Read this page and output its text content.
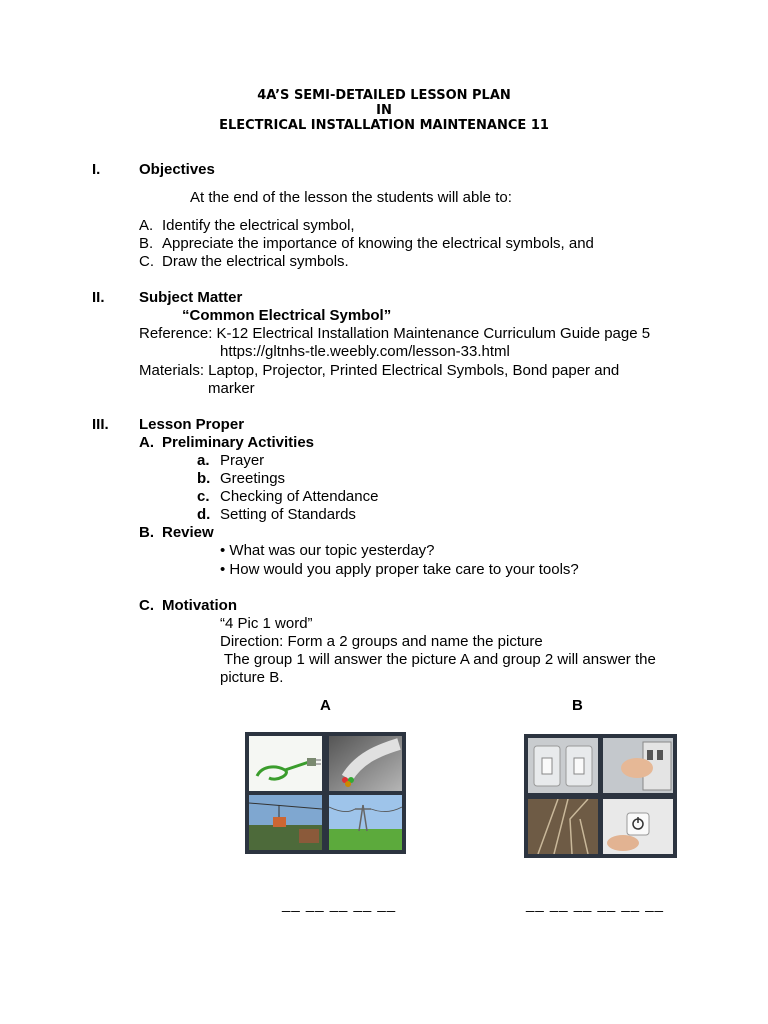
4A’S SEMI-DETAILED LESSON PLAN
IN
ELECTRICAL INSTALLATION MAINTENANCE 11
I.	Objectives
At the end of the lesson the students will able to:
A. Identify the electrical symbol,
B. Appreciate the importance of knowing the electrical symbols, and
C. Draw the electrical symbols.
II. Subject Matter
“Common Electrical Symbol”
Reference: K-12 Electrical Installation Maintenance Curriculum Guide page 5
https://gltnhs-tle.weebly.com/lesson-33.html
Materials: Laptop, Projector, Printed Electrical Symbols, Bond paper and
marker
III. Lesson Proper
A. Preliminary Activities
a. Prayer
b. Greetings
c. Checking of Attendance
d. Setting of Standards
B. Review
• What was our topic yesterday?
• How would you apply proper take care to your tools?
C. Motivation
“4 Pic 1 word”
Direction: Form a 2 groups and name the picture
The group 1 will answer the picture A and group 2 will answer the
picture B.
A	B
__ __ __ __ __	__ __ __ __ __ __
